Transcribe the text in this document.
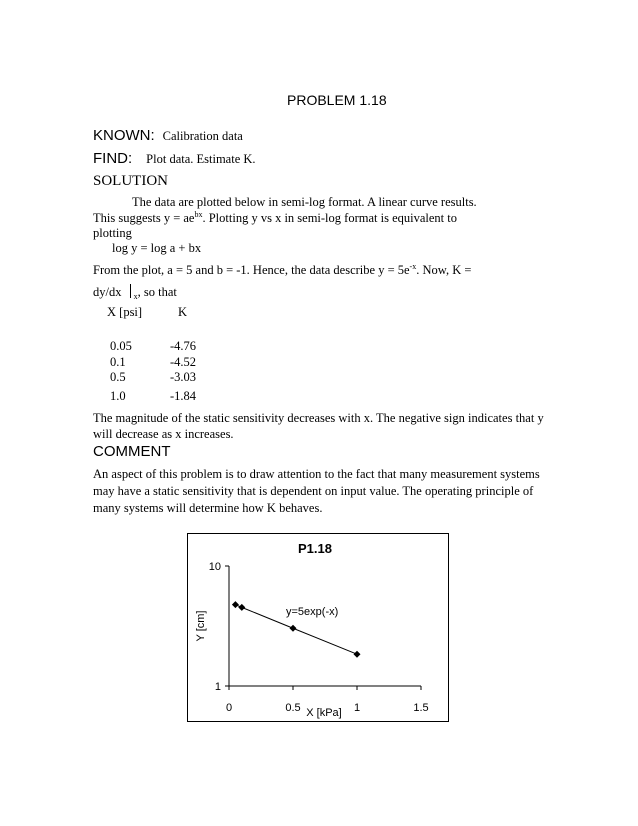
PROBLEM 1.18
KNOWN: Calibration data
FIND: Plot data. Estimate K.
SOLUTION
The data are plotted below in semi-log format. A linear curve results.
This suggests $y = ae^{bx}$. Plotting y vs x in semi-log format is equivalent to
plotting
log y = log a + bx
From the plot, a = 5 and b = -1. Hence, the data describe $y = 5e^{-x}$. Now, K =
dy/dx $_x$, so that
X [psi]	K
0.05	-4.76
0.1	-4.52
0.5	-3.03
1.0	-1.84
The magnitude of the static sensitivity decreases with x. The negative sign indicates that y
will decrease as x increases.
COMMENT
An aspect of this problem is to draw attention to the fact that many measurement systems
may have a static sensitivity that is dependent on input value. The operating principle of
many systems will determine how K behaves.
P1.18
X [kPa]
Y [cm]	y=5exp(-x)
0	0.5	1	1.5
1
10
